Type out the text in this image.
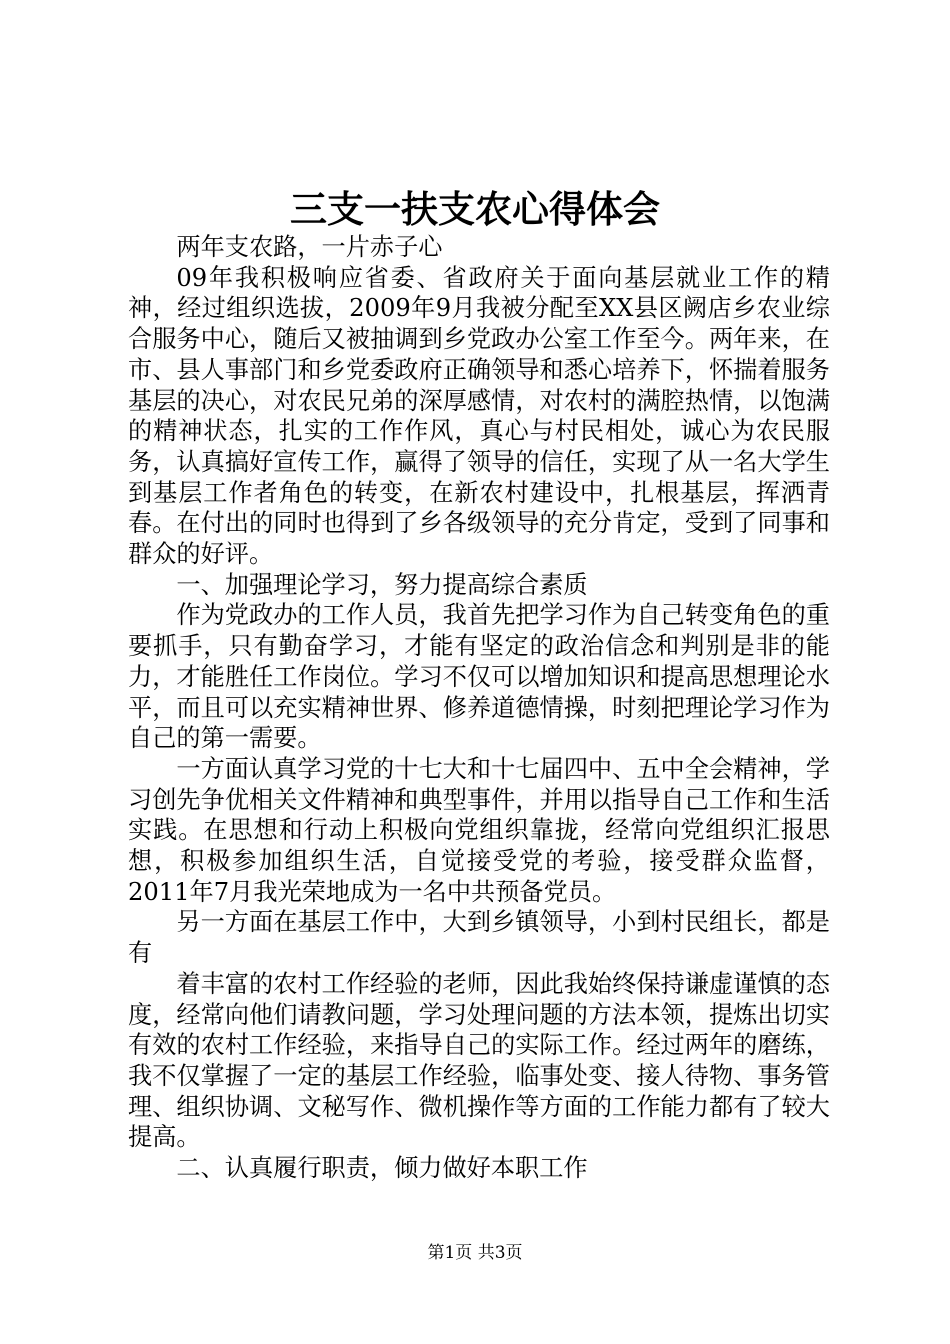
三支一扶支农心得体会

两年支农路，一片赤子心

09年我积极响应省委、省政府关于面向基层就业工作的精神，经过组织选拔，2009年9月我被分配至XX县区阙店乡农业综合服务中心，随后又被抽调到乡党政办公室工作至今。两年来，在市、县人事部门和乡党委政府正确领导和悉心培养下，怀揣着服务基层的决心，对农民兄弟的深厚感情，对农村的满腔热情，以饱满的精神状态，扎实的工作作风，真心与村民相处，诚心为农民服务，认真搞好宣传工作，赢得了领导的信任，实现了从一名大学生到基层工作者角色的转变，在新农村建设中，扎根基层，挥洒青春。在付出的同时也得到了乡各级领导的充分肯定，受到了同事和群众的好评。

一、加强理论学习，努力提高综合素质

作为党政办的工作人员，我首先把学习作为自己转变角色的重要抓手，只有勤奋学习，才能有坚定的政治信念和判别是非的能力，才能胜任工作岗位。学习不仅可以增加知识和提高思想理论水平，而且可以充实精神世界、修养道德情操，时刻把理论学习作为自己的第一需要。

一方面认真学习党的十七大和十七届四中、五中全会精神，学习创先争优相关文件精神和典型事件，并用以指导自己工作和生活实践。在思想和行动上积极向党组织靠拢，经常向党组织汇报思想，积极参加组织生活，自觉接受党的考验，接受群众监督，2011年7月我光荣地成为一名中共预备党员。

另一方面在基层工作中，大到乡镇领导，小到村民组长，都是有

着丰富的农村工作经验的老师，因此我始终保持谦虚谨慎的态度，经常向他们请教问题，学习处理问题的方法本领，提炼出切实有效的农村工作经验，来指导自己的实际工作。经过两年的磨练，我不仅掌握了一定的基层工作经验，临事处变、接人待物、事务管理、组织协调、文秘写作、微机操作等方面的工作能力都有了较大提高。

二、认真履行职责，倾力做好本职工作

第1页 共3页
